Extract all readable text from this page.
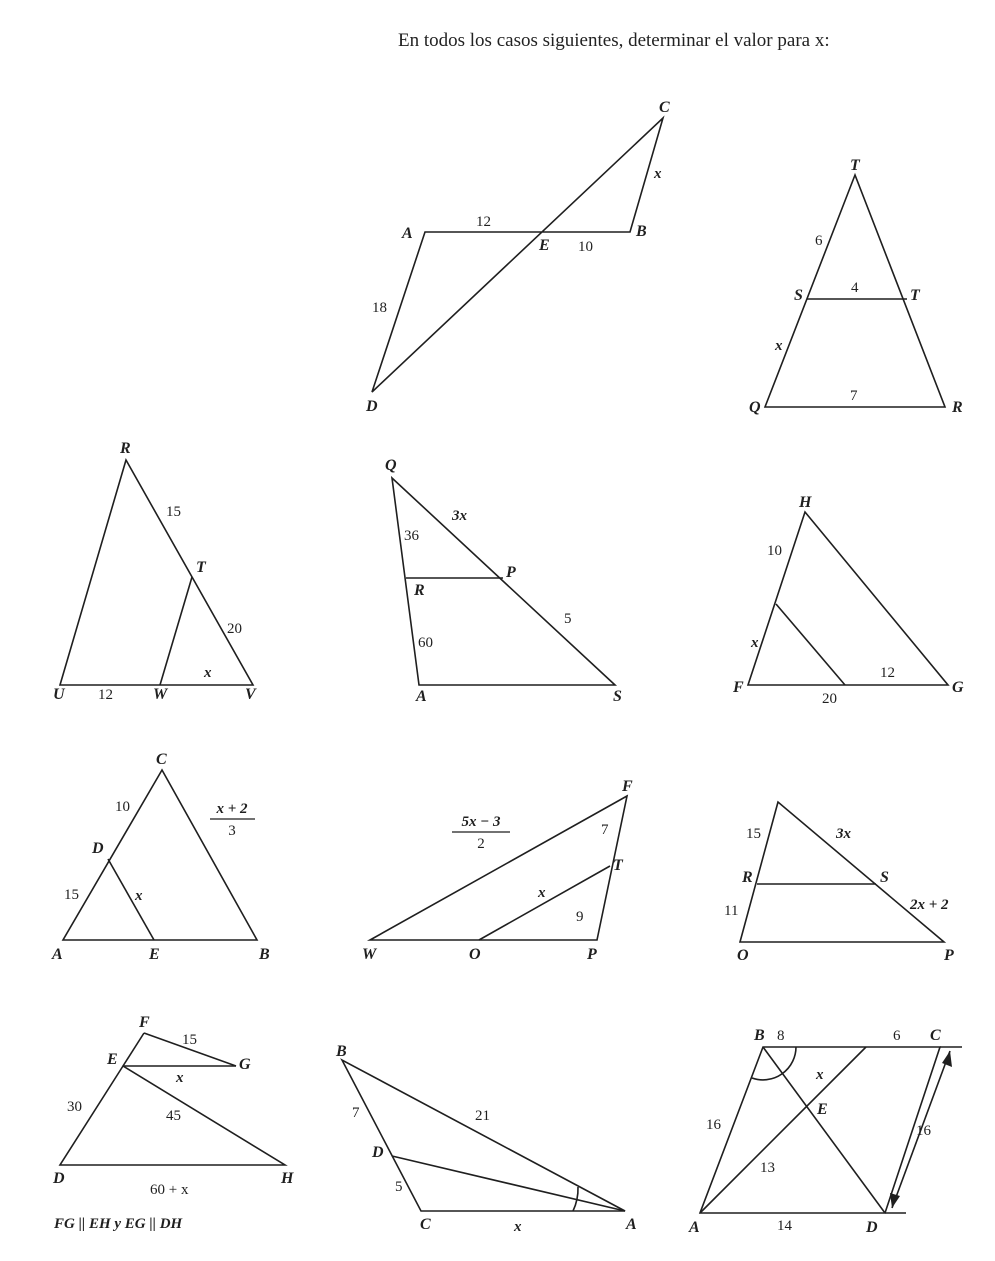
En todos los casos siguientes, determinar el valor para x:
A	B
C
D
E
12
10
18
x	T
S	T
Q	R
6
4
x
7
R
T
U	W	V
15
20
12
x
Q
R
P
A	S
36
3x
60
5
H
F	G
10
x
20
12
C
D
A	E	B
10
15	x
x + 2
3
F
T
W	O	P
7
9
x
5x − 3
2
R	S
O	P
15	3x
11	2x + 2
F
G
E
D	H
15
x
30
45
60 + x
FG || EH y EG || DH
B
D
C	A
7	21
5
x
B	C
E
A	D
8	6
x
16	16
13
14
